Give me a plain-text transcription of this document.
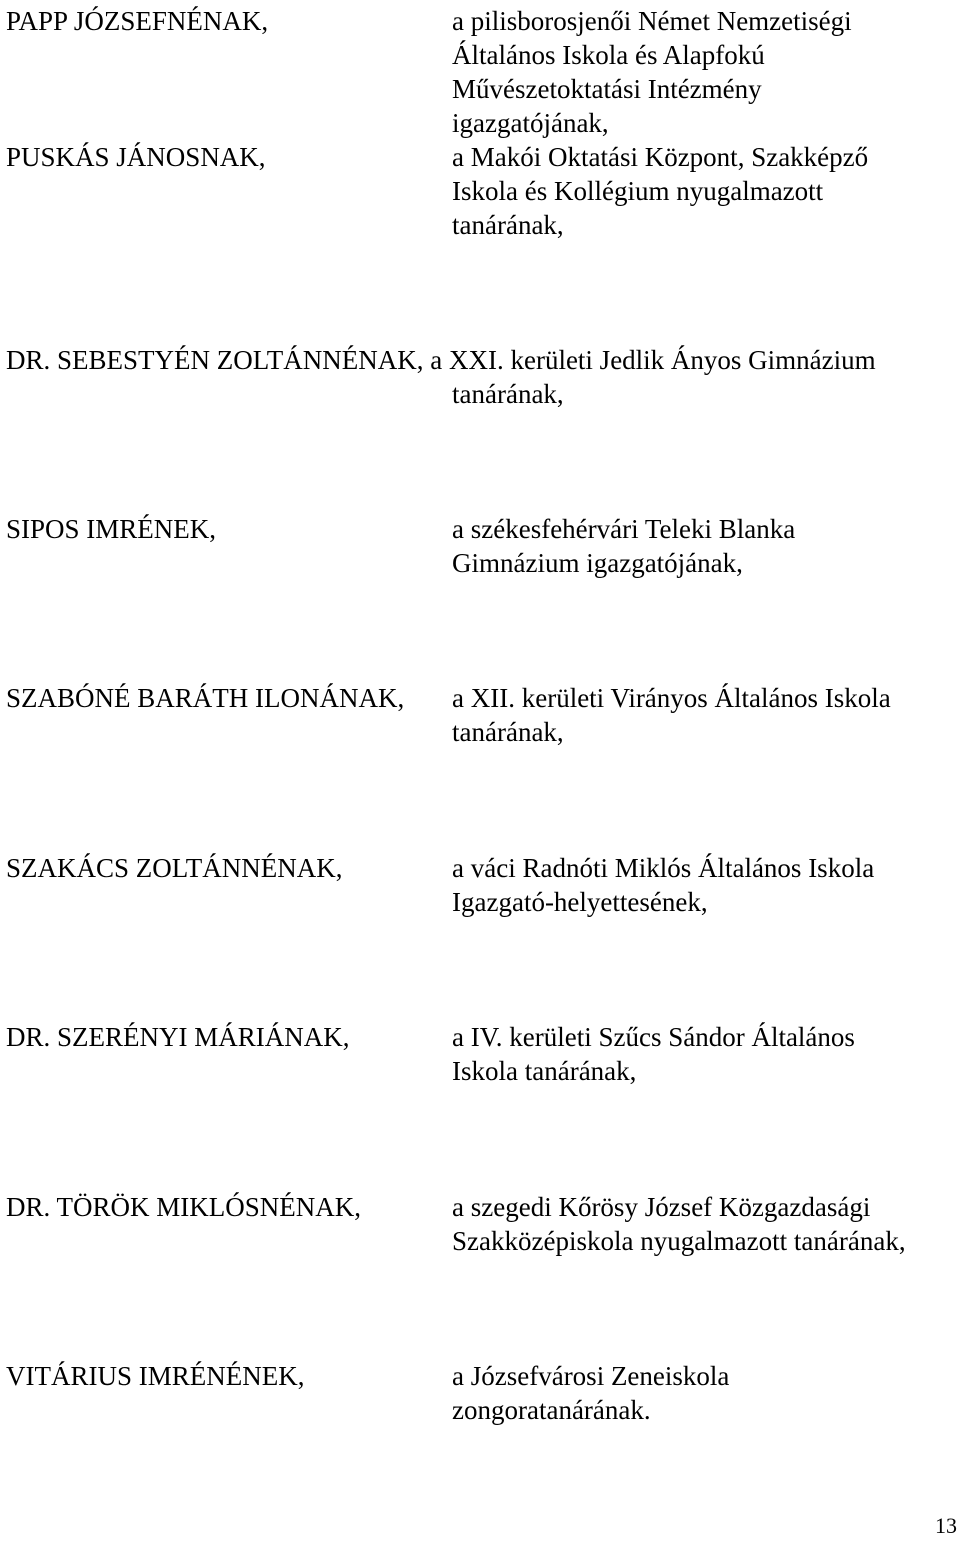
PAPP JÓZSEFNÉNAK,	a pilisborosjenői Német Nemzetiségi
Általános Iskola és Alapfokú
Művészetoktatási Intézmény
igazgatójának,
PUSKÁS JÁNOSNAK,	a Makói Oktatási Központ, Szakképző
Iskola és Kollégium nyugalmazott
tanárának,
DR. SEBESTYÉN ZOLTÁNNÉNAK, a XXI. kerületi Jedlik Ányos Gimnázium
tanárának,
SIPOS IMRÉNEK,	a székesfehérvári Teleki Blanka
Gimnázium igazgatójának,
SZABÓNÉ BARÁTH ILONÁNAK, a XII. kerületi Virányos Általános Iskola
tanárának,
SZAKÁCS ZOLTÁNNÉNAK,	a váci Radnóti Miklós Általános Iskola
Igazgató-helyettesének,
DR. SZERÉNYI MÁRIÁNAK,	a IV. kerületi Szűcs Sándor Általános
Iskola tanárának,
DR. TÖRÖK MIKLÓSNÉNAK,	a szegedi Kőrösy József Közgazdasági
Szakközépiskola nyugalmazott tanárának,
VITÁRIUS IMRÉNÉNEK,	a Józsefvárosi Zeneiskola
zongoratanárának.
13
